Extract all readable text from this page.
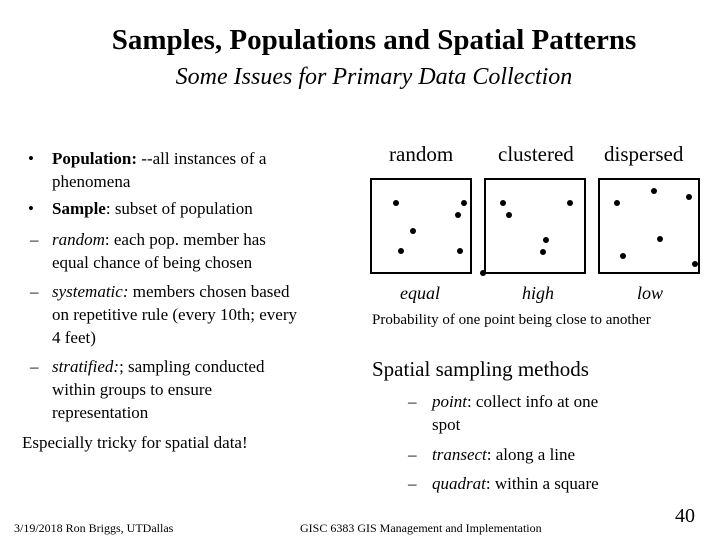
Samples, Populations and Spatial Patterns
Some Issues for Primary Data Collection
• Population: --all instances of a
phenomena
• Sample: subset of population
– random: each pop. member has
equal chance of being chosen
– systematic: members chosen based
on repetitive rule (every 10th; every
4 feet)
– stratified:; sampling conducted
within groups to ensure
representation
Especially tricky for spatial data!
random clustered dispersed
equal	high	low
Probability of one point being close to another
Spatial sampling methods
– point: collect info at one
spot
– transect: along a line
– quadrat: within a square
3/19/2018 Ron Briggs, UTDallas	GISC 6383 GIS Management and Implementation
40
